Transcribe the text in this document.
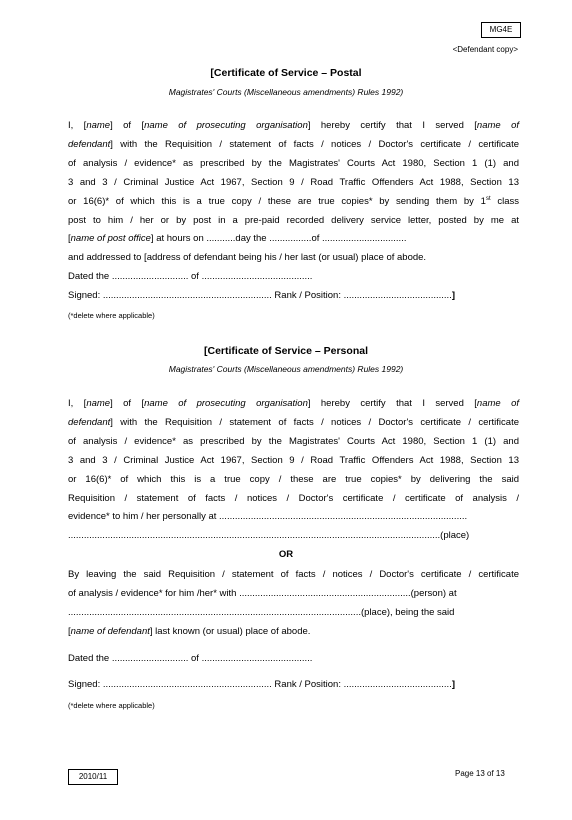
MG4E
<Defendant copy>
[Certificate of Service – Postal
Magistrates' Courts (Miscellaneous amendments) Rules 1992)
I, [name] of [name of prosecuting organisation] hereby certify that I served [name of
defendant] with the Requisition / statement of facts / notices / Doctor's certificate / certificate
of analysis / evidence* as prescribed by the Magistrates' Courts Act 1980, Section 1 (1) and
3 and 3 / Criminal Justice Act 1967, Section 9 / Road Traffic Offenders Act 1988, Section 13
or 16(6)* of which this is a true copy / these are true copies* by sending them by 1st class
post to him / her or by post in a pre-paid recorded delivery service letter, posted by me at
[name of post office] at hours on ...........day the ................of ................................
and addressed to [address of defendant being his / her last (or usual) place of abode.
Dated the ............................. of ..........................................
Signed: ................................................................ Rank / Position: .........................................]
(*delete where applicable)
[Certificate of Service – Personal
Magistrates' Courts (Miscellaneous amendments) Rules 1992)
I, [name] of [name of prosecuting organisation] hereby certify that I served [name of
defendant] with the Requisition / statement of facts / notices / Doctor's certificate / certificate
of analysis / evidence* as prescribed by the Magistrates' Courts Act 1980, Section 1 (1) and
3 and 3 / Criminal Justice Act 1967, Section 9 / Road Traffic Offenders Act 1988, Section 13
or 16(6)* of which this is a true copy / these are true copies* by delivering the said
Requisition / statement of facts / notices / Doctor's certificate / certificate of analysis /
evidence* to him / her personally at ..............................................................................................
.............................................................................................................................................(place)
OR
By leaving the said Requisition / statement of facts / notices / Doctor's certificate / certificate
of analysis / evidence* for him /her* with .................................................................(person) at
...............................................................................................................(place), being the said
[name of defendant] last known (or usual) place of abode.
Dated the ............................. of ..........................................
Signed: ................................................................ Rank / Position: .........................................]
(*delete where applicable)
2010/11	Page 13 of 13
